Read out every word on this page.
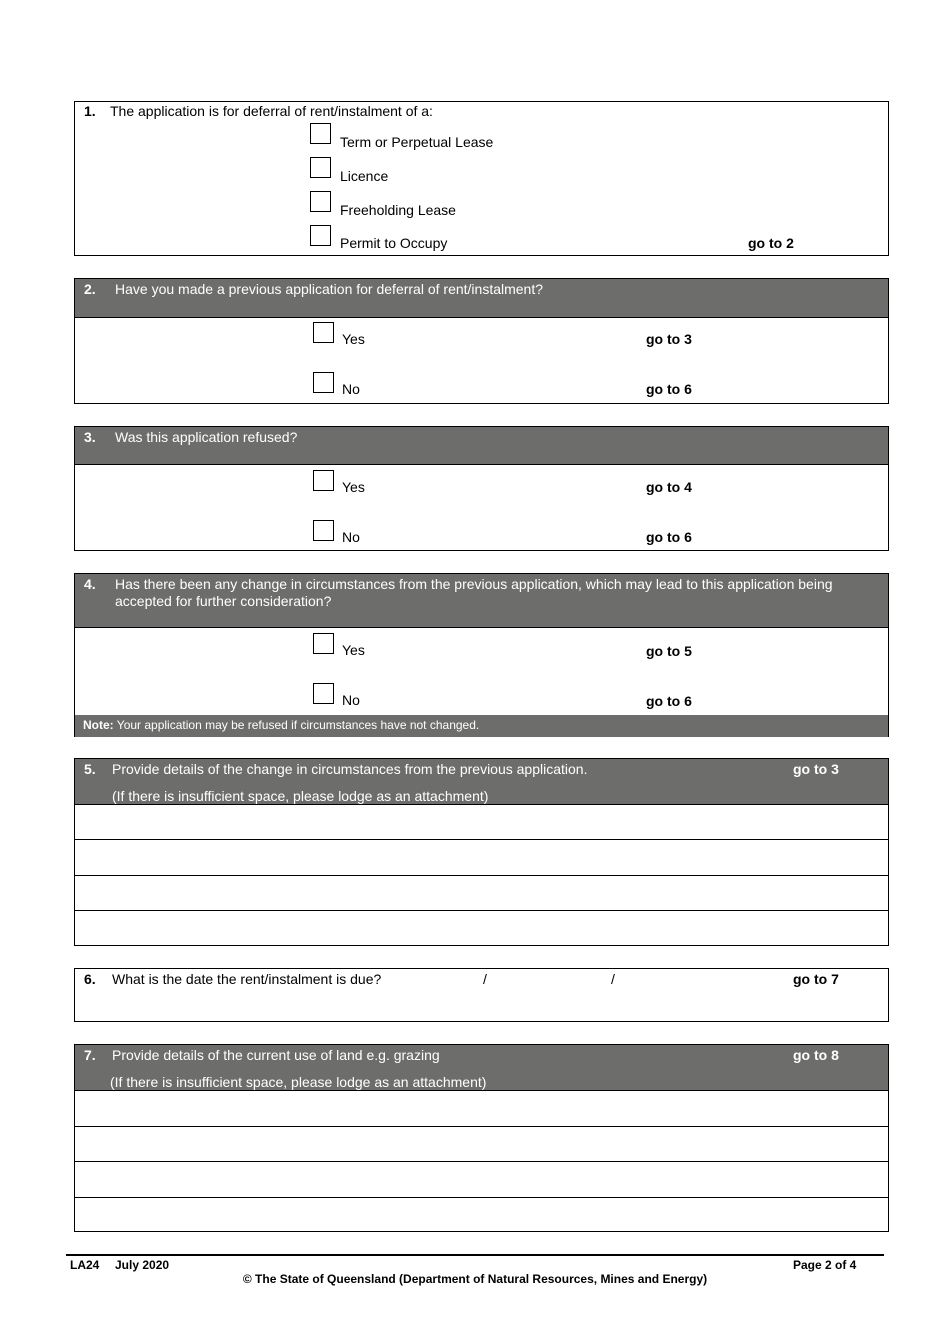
1. The application is for deferral of rent/instalment of a:
Term or Perpetual Lease
Licence
Freeholding Lease
Permit to Occupy	go to 2
2. Have you made a previous application for deferral of rent/instalment?
Yes	go to 3
No	go to 6
3. Was this application refused?
Yes	go to 4
No	go to 6
4. Has there been any change in circumstances from the previous application, which may lead to this application being accepted for further consideration?
Yes	go to 5
No	go to 6
Note: Your application may be refused if circumstances have not changed.
5. Provide details of the change in circumstances from the previous application.	go to 3
(If there is insufficient space, please lodge as an attachment)
6. What is the date the rent/instalment is due?	/	/	go to 7
7. Provide details of the current use of land e.g. grazing	go to 8
(If there is insufficient space, please lodge as an attachment)
LA24 July 2020	Page 2 of 4
© The State of Queensland (Department of Natural Resources, Mines and Energy)
